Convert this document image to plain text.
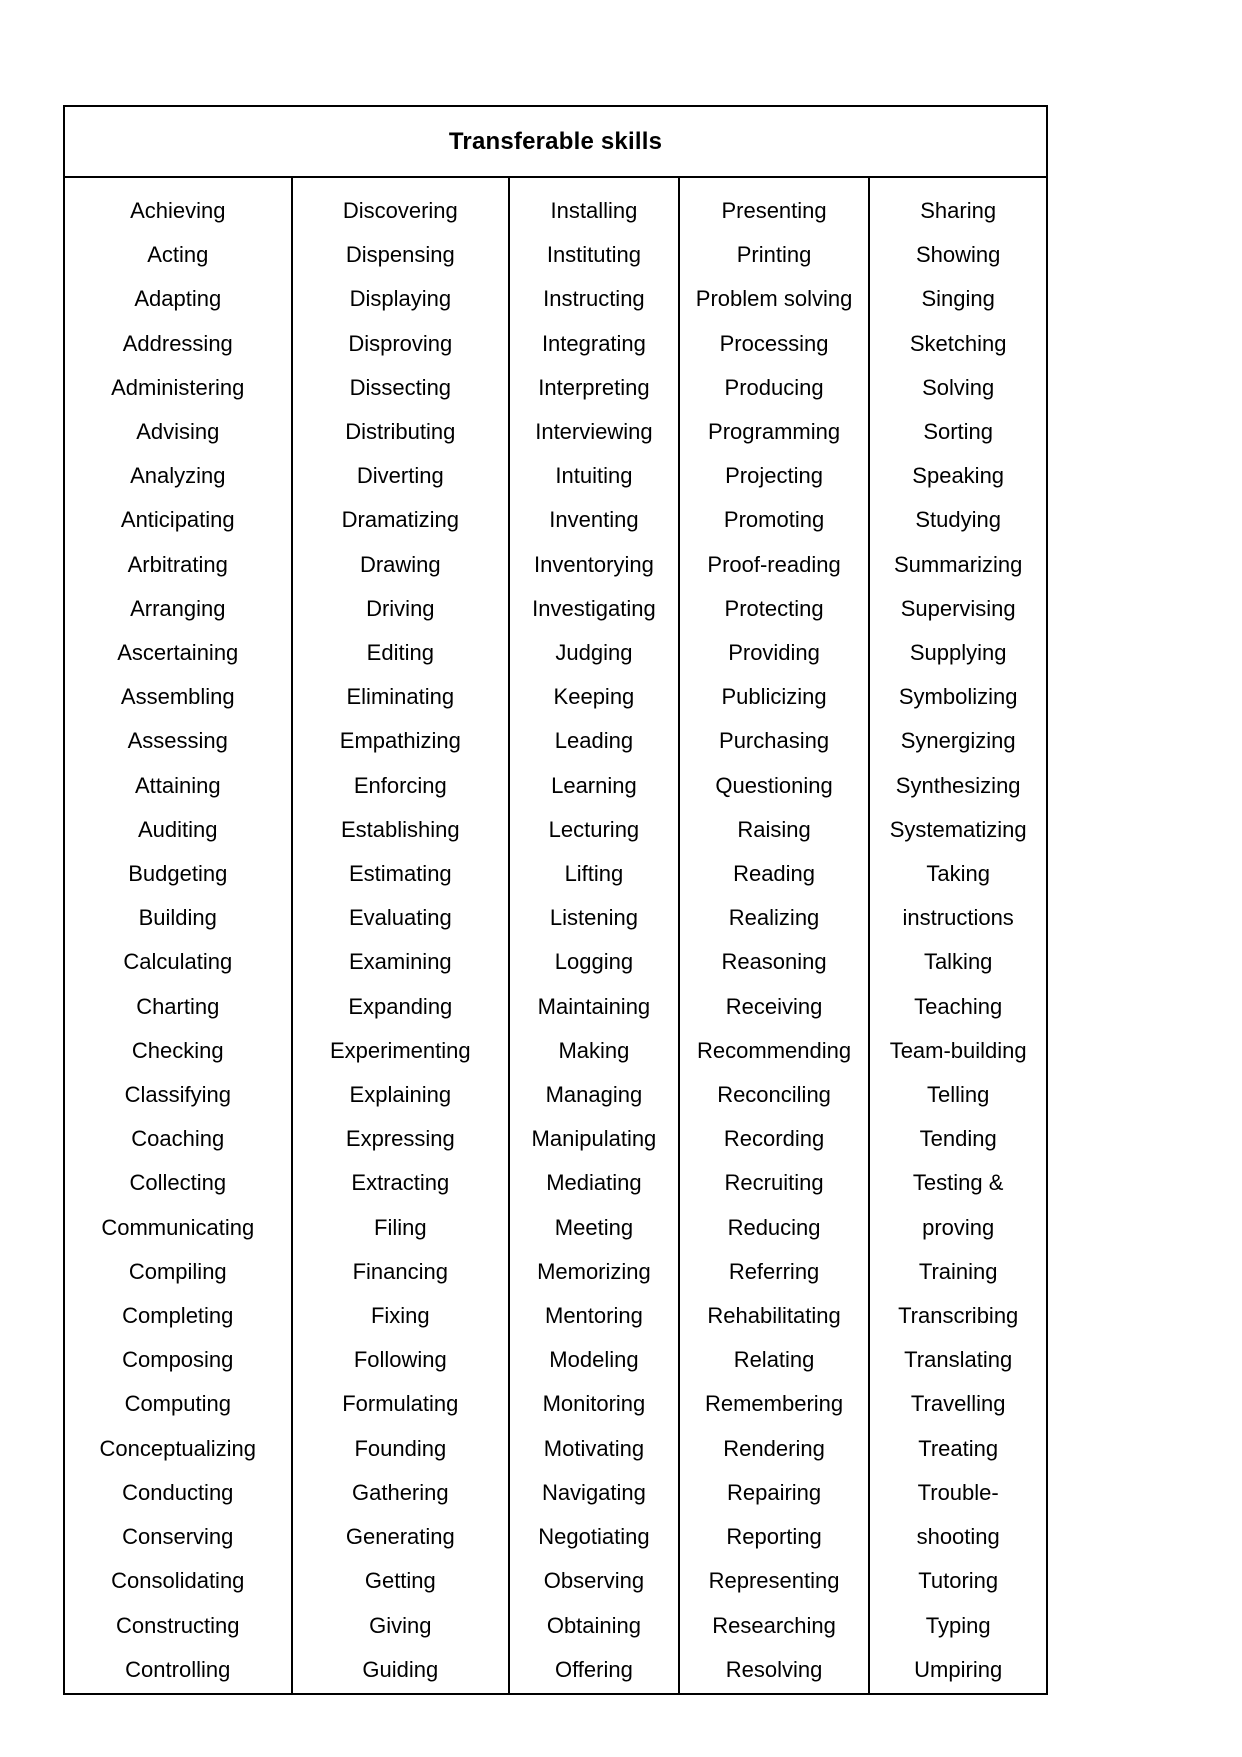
Transferable skills
Achieving
Acting
Adapting
Addressing
Administering
Advising
Analyzing
Anticipating
Arbitrating
Arranging
Ascertaining
Assembling
Assessing
Attaining
Auditing
Budgeting
Building
Calculating
Charting
Checking
Classifying
Coaching
Collecting
Communicating
Compiling
Completing
Composing
Computing
Conceptualizing
Conducting
Conserving
Consolidating
Constructing
Controlling
Discovering
Dispensing
Displaying
Disproving
Dissecting
Distributing
Diverting
Dramatizing
Drawing
Driving
Editing
Eliminating
Empathizing
Enforcing
Establishing
Estimating
Evaluating
Examining
Expanding
Experimenting
Explaining
Expressing
Extracting
Filing
Financing
Fixing
Following
Formulating
Founding
Gathering
Generating
Getting
Giving
Guiding
Installing
Instituting
Instructing
Integrating
Interpreting
Interviewing
Intuiting
Inventing
Inventorying
Investigating
Judging
Keeping
Leading
Learning
Lecturing
Lifting
Listening
Logging
Maintaining
Making
Managing
Manipulating
Mediating
Meeting
Memorizing
Mentoring
Modeling
Monitoring
Motivating
Navigating
Negotiating
Observing
Obtaining
Offering
Presenting
Printing
Problem solving
Processing
Producing
Programming
Projecting
Promoting
Proof-reading
Protecting
Providing
Publicizing
Purchasing
Questioning
Raising
Reading
Realizing
Reasoning
Receiving
Recommending
Reconciling
Recording
Recruiting
Reducing
Referring
Rehabilitating
Relating
Remembering
Rendering
Repairing
Reporting
Representing
Researching
Resolving
Sharing
Showing
Singing
Sketching
Solving
Sorting
Speaking
Studying
Summarizing
Supervising
Supplying
Symbolizing
Synergizing
Synthesizing
Systematizing
Taking instructions
Talking
Teaching
Team-building
Telling
Tending
Testing & proving
Training
Transcribing
Translating
Travelling
Treating
Trouble-shooting
Tutoring
Typing
Umpiring
